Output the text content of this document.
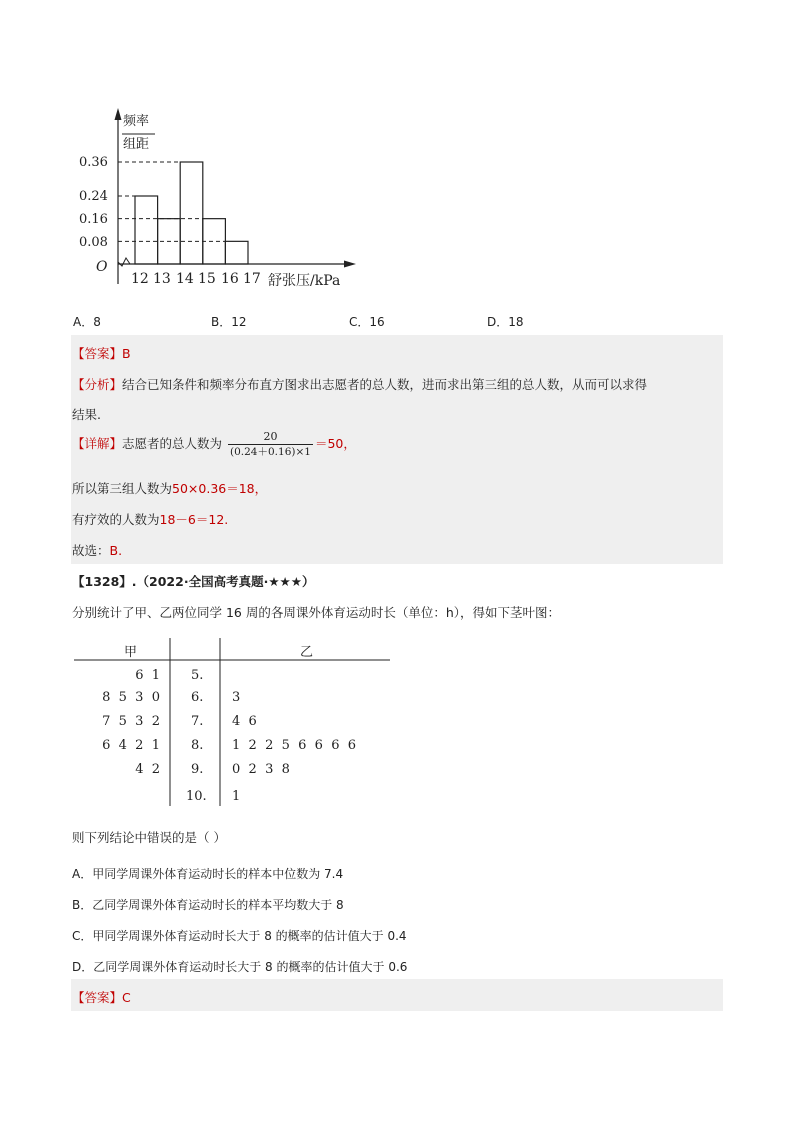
频率
组距
O
舒张压/kPa
0.36
0.24
0.16
0.08
12 13 14 15 16 17
A．8	B．12	C．16	D．18
【答案】B
【分析】结合已知条件和频率分布直方图求出志愿者的总人数，进而求出第三组的总人数，从而可以求得
结果.
【详解】志愿者的总人数为 $\frac{20}{(0.24+0.16)\times 1} =50$，
所以第三组人数为50×0.36＝18，
有疗效的人数为18－6＝12.
故选：B.
【1328】.（2022·全国高考真题·★★★）
分别统计了甲、乙两位同学 16 周的各周课外体育运动时长（单位：h），得如下茎叶图：
甲	乙
6  1 5.
8  5  3  0 6. 3
7  5  3  2 7. 4  6
6  4  2  1 8. 1  2  2  5  6  6  6  6
4  2 9. 0  2  3  8
10. 1
则下列结论中错误的是（ ）
A．甲同学周课外体育运动时长的样本中位数为 7.4
B．乙同学周课外体育运动时长的样本平均数大于 8
C．甲同学周课外体育运动时长大于 8 的概率的估计值大于 0.4
D．乙同学周课外体育运动时长大于 8 的概率的估计值大于 0.6
【答案】C
